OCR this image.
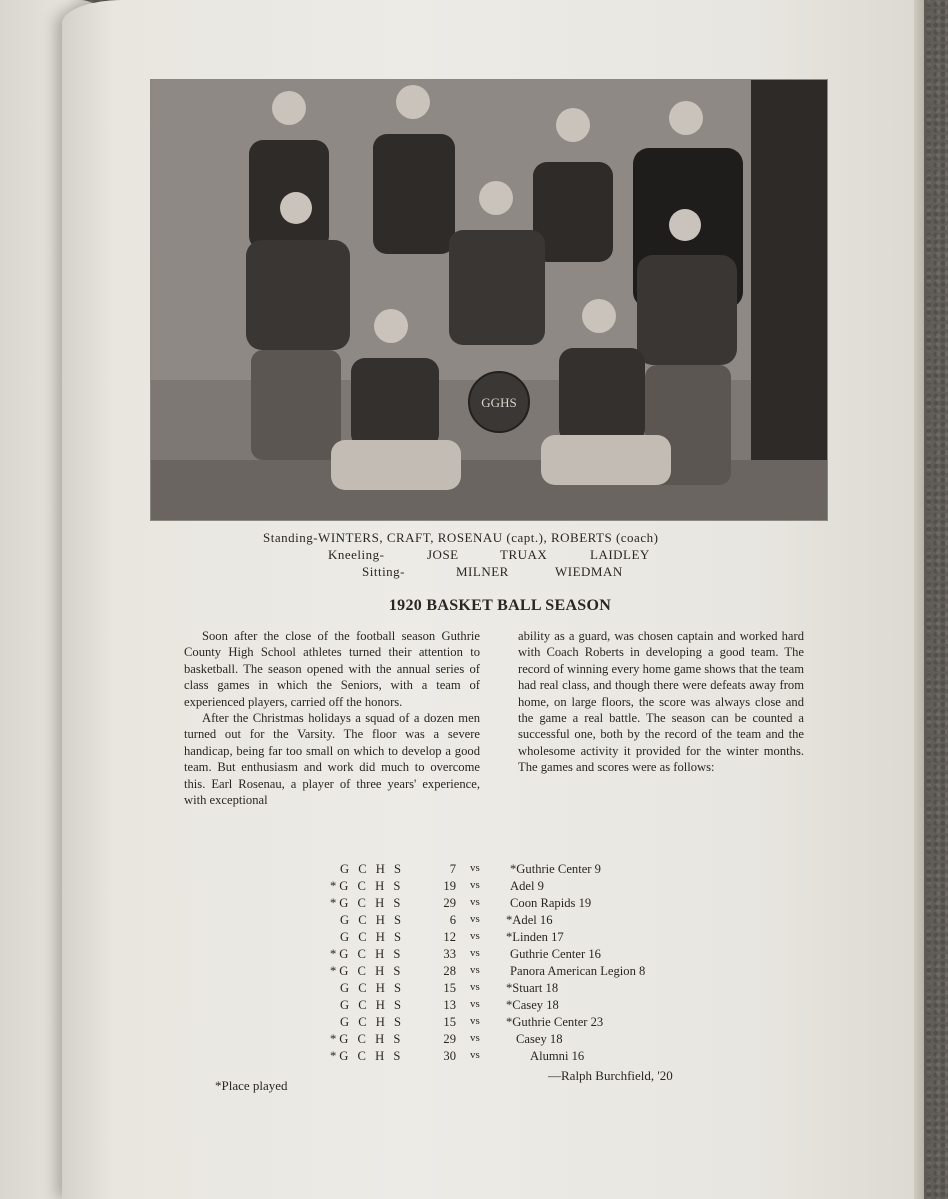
GGHS
Standing-WINTERS, CRAFT, ROSENAU (capt.), ROBERTS (coach)
Kneeling-	JOSE	TRUAX	LAIDLEY
Sitting-	MILNER	WIEDMAN
1920 BASKET BALL SEASON

Soon after the close of the football season Guthrie County High School athletes turned their attention to basketball. The season opened with the annual series of class games in which the Seniors, with a team of experienced players, carried off the honors.

After the Christmas holidays a squad of a dozen men turned out for the Varsity. The floor was a severe handicap, being far too small on which to develop a good team. But enthusiasm and work did much to overcome this. Earl Rosenau, a player of three years' experience, with exceptional

ability as a guard, was chosen captain and worked hard with Coach Roberts in developing a good team. The record of winning every home game shows that the team had real class, and though there were defeats away from home, on large floors, the score was always close and the game a real battle. The season can be counted a successful one, both by the record of the team and the wholesome activity it provided for the winter months. The games and scores were as follows:

G C H S	7 vs *Guthrie Center 9
*G C H S	19 vs Adel 9
*G C H S	29 vs Coon Rapids 19
G C H S	6 vs *Adel 16
G C H S	12 vs *Linden 17
*G C H S	33 vs Guthrie Center 16
*G C H S	28 vs Panora American Legion 8
G C H S	15 vs *Stuart 18
G C H S	13 vs *Casey 18
G C H S	15 vs *Guthrie Center 23
*G C H S	29 vs	Casey 18
*G C H S	30 vs	Alumni 16
*Place played
—Ralph Burchfield, '20
